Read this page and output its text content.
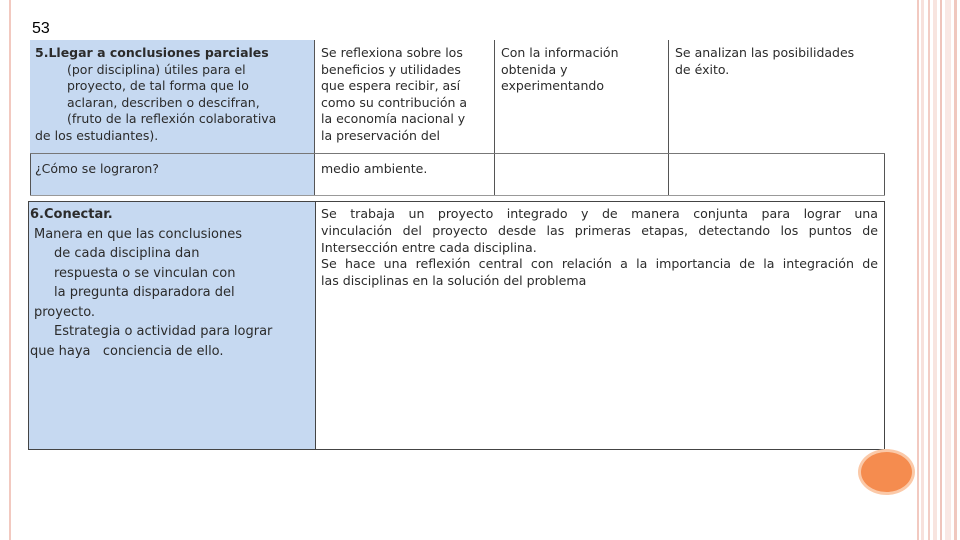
53
5.Llegar a conclusiones parciales
(por disciplina) útiles para el
proyecto, de tal forma que lo
aclaran, describen o descifran,
(fruto de la reflexión colaborativa
de los estudiantes).
¿Cómo se lograron?
Se reflexiona sobre los
beneficios y utilidades
que espera recibir, así
como su contribución a
la economía nacional y
la preservación del
medio ambiente.
Con la información
obtenida y
experimentando
Se analizan las posibilidades
de éxito.
6.Conectar.
Manera en que las conclusiones
de cada disciplina dan
respuesta o se vinculan con
la pregunta disparadora del
proyecto.
Estrategia o actividad para lograr
que haya   conciencia de ello.
Se trabaja un proyecto integrado y de manera conjunta para lograr una
vinculación del proyecto desde las primeras etapas, detectando los puntos de
Intersección entre cada disciplina.
Se hace una reflexión central con relación a la importancia de la integración de
las disciplinas en la solución del problema
